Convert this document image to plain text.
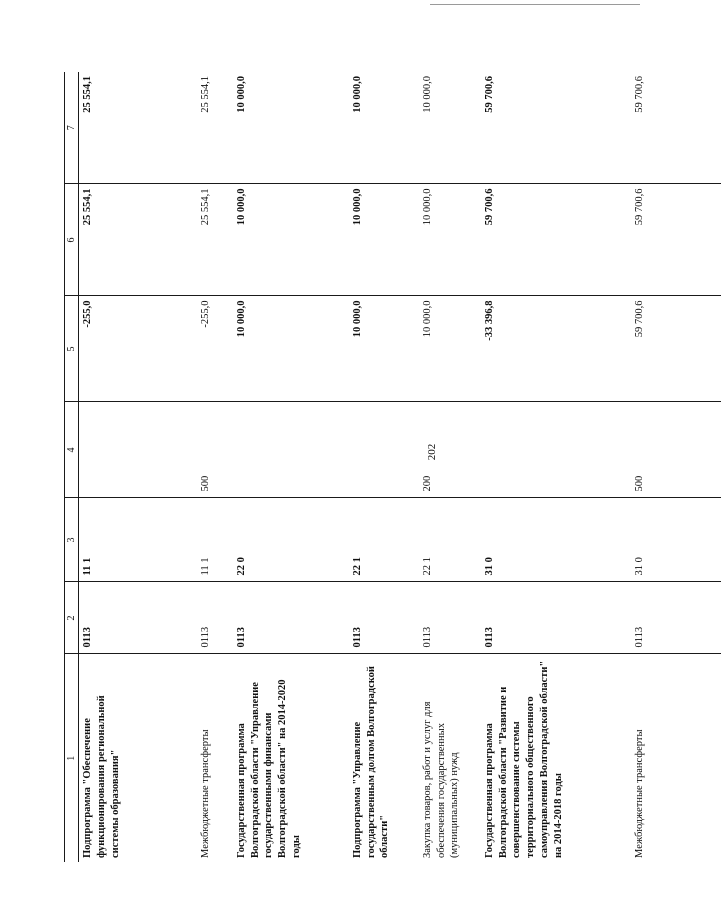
202
1	2	3	4	5	6	7
Подпрограмма "Обеспечение функционирования региональной системы образования"	0113	11 1		-255,0	25 554,1	25 554,1
Межбюджетные трансферты	0113	11 1	500	-255,0	25 554,1	25 554,1
Государственная программа Волгоградской области "Управление государственными финансами Волгоградской области" на 2014-2020 годы	0113	22 0		10 000,0	10 000,0	10 000,0
Подпрограмма "Управление государственным долгом Волгоградской области"	0113	22 1		10 000,0	10 000,0	10 000,0
Закупка товаров, работ и услуг для обеспечения государственных (муниципальных) нужд	0113	22 1	200	10 000,0	10 000,0	10 000,0
Государственная программа Волгоградской области "Развитие и совершенствование системы территориального общественного самоуправления Волгоградской области" на 2014-2018 годы	0113	31 0		-33 396,8	59 700,6	59 700,6
Межбюджетные трансферты	0113	31 0	500	59 700,6	59 700,6	59 700,6
